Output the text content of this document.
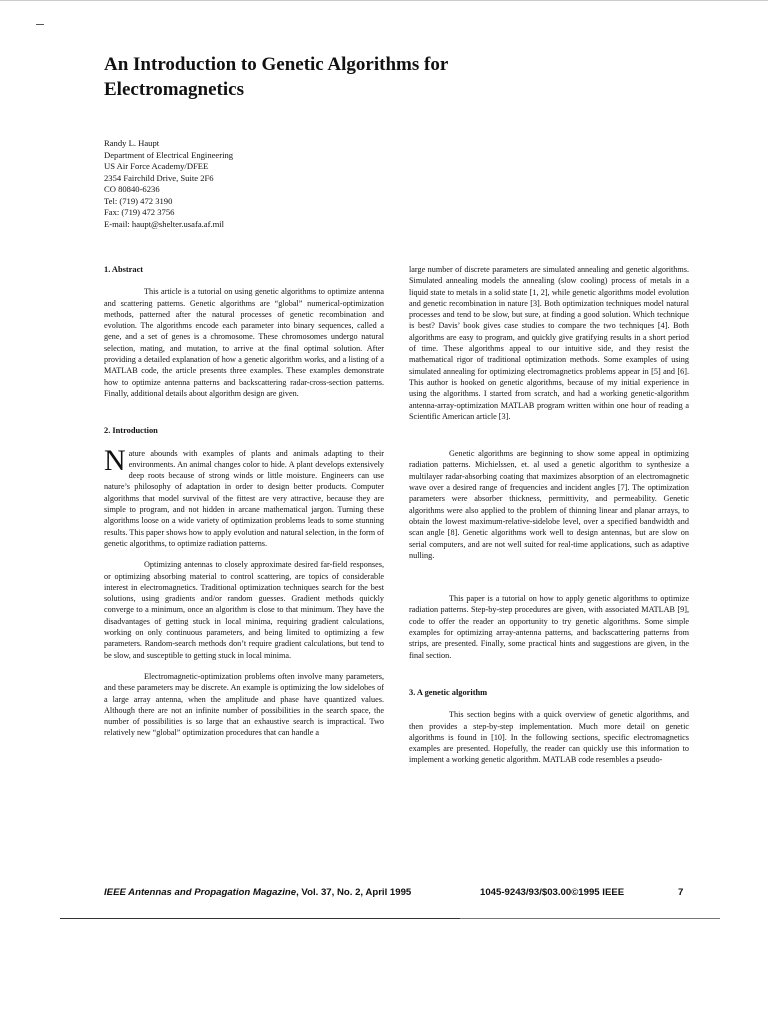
An Introduction to Genetic Algorithms for Electromagnetics
Randy L. Haupt
Department of Electrical Engineering
US Air Force Academy/DFEE
2354 Fairchild Drive, Suite 2F6
CO 80840-6236
Tel: (719) 472 3190
Fax: (719) 472 3756
E-mail: haupt@shelter.usafa.af.mil
1. Abstract

This article is a tutorial on using genetic algorithms to optimize antenna and scattering patterns. Genetic algorithms are “global” numerical-optimization methods, patterned after the natural processes of genetic recombination and evolution. The algorithms encode each parameter into binary sequences, called a gene, and a set of genes is a chromosome. These chromosomes undergo natural selection, mating, and mutation, to arrive at the final optimal solution. After providing a detailed explanation of how a genetic algorithm works, and a listing of a MATLAB code, the article presents three examples. These examples demonstrate how to optimize antenna patterns and backscattering radar-cross-section patterns. Finally, additional details about algorithm design are given.

2. Introduction

Nature abounds with examples of plants and animals adapting to their environments. An animal changes color to hide. A plant develops extensively deep roots because of strong winds or little moisture. Engineers can use nature’s philosophy of adaptation in order to design better products. Computer algorithms that model survival of the fittest are very attractive, because they are simple to program, and not hidden in arcane mathematical jargon. Turning these algorithms loose on a wide variety of optimization problems leads to some stunning results. This paper shows how to apply evolution and natural selection, in the form of genetic algorithms, to optimize radiation patterns.

Optimizing antennas to closely approximate desired far-field responses, or optimizing absorbing material to control scattering, are topics of considerable interest in electromagnetics. Traditional optimization techniques search for the best solutions, using gradients and/or random guesses. Gradient methods quickly converge to a minimum, once an algorithm is close to that minimum. They have the disadvantages of getting stuck in local minima, requiring gradient calculations, working on only continuous parameters, and being limited to optimizing a few parameters. Random-search methods don’t require gradient calculations, but tend to be slow, and susceptible to getting stuck in local minima.

Electromagnetic-optimization problems often involve many parameters, and these parameters may be discrete. An example is optimizing the low sidelobes of a large array antenna, when the amplitude and phase have quantized values. Although there are not an infinite number of possibilities in the search space, the number of possibilities is so large that an exhaustive search is impractical. Two relatively new “global” optimization procedures that can handle a

large number of discrete parameters are simulated annealing and genetic algorithms. Simulated annealing models the annealing (slow cooling) process of metals in a liquid state to metals in a solid state [1, 2], while genetic algorithms model evolution and genetic recombination in nature [3]. Both optimization techniques model natural processes and tend to be slow, but sure, at finding a good solution. Which technique is best? Davis’ book gives case studies to compare the two techniques [4]. Both algorithms are easy to program, and quickly give gratifying results in a short period of time. These algorithms appeal to our intuitive side, and they resist the mathematical rigor of traditional optimization methods. Some examples of using simulated annealing for optimizing electromagnetics problems appear in [5] and [6]. This author is hooked on genetic algorithms, because of my initial experience in using the algorithms. I started from scratch, and had a working genetic-algorithm antenna-array-optimization MATLAB program written within one hour of reading a Scientific American article [3].

Genetic algorithms are beginning to show some appeal in optimizing radiation patterns. Michielssen, et. al used a genetic algorithm to synthesize a multilayer radar-absorbing coating that maximizes absorption of an electromagnetic wave over a desired range of frequencies and incident angles [7]. The optimization parameters were absorber thickness, permittivity, and permeability. Genetic algorithms were also applied to the problem of thinning linear and planar arrays, to obtain the lowest maximum-relative-sidelobe level, over a specified bandwidth and scan angle [8]. Genetic algorithms work well to design antennas, but are slow on serial computers, and are not well suited for real-time applications, such as adaptive nulling.

This paper is a tutorial on how to apply genetic algorithms to optimize radiation patterns. Step-by-step procedures are given, with associated MATLAB [9], code to offer the reader an opportunity to try genetic algorithms. Some simple examples for optimizing array-antenna patterns, and backscattering patterns from strips, are presented. Finally, some practical hints and suggestions are given, in the final section.

3. A genetic algorithm

This section begins with a quick overview of genetic algorithms, and then provides a step-by-step implementation. Much more detail on genetic algorithms is found in [10]. In the following sections, specific electromagnetics examples are presented. Hopefully, the reader can quickly use this information to implement a working genetic algorithm. MATLAB code resembles a pseudo-

IEEE Antennas and Propagation Magazine, Vol. 37, No. 2, April 1995	1045-9243/93/$03.00©1995 IEEE	7
